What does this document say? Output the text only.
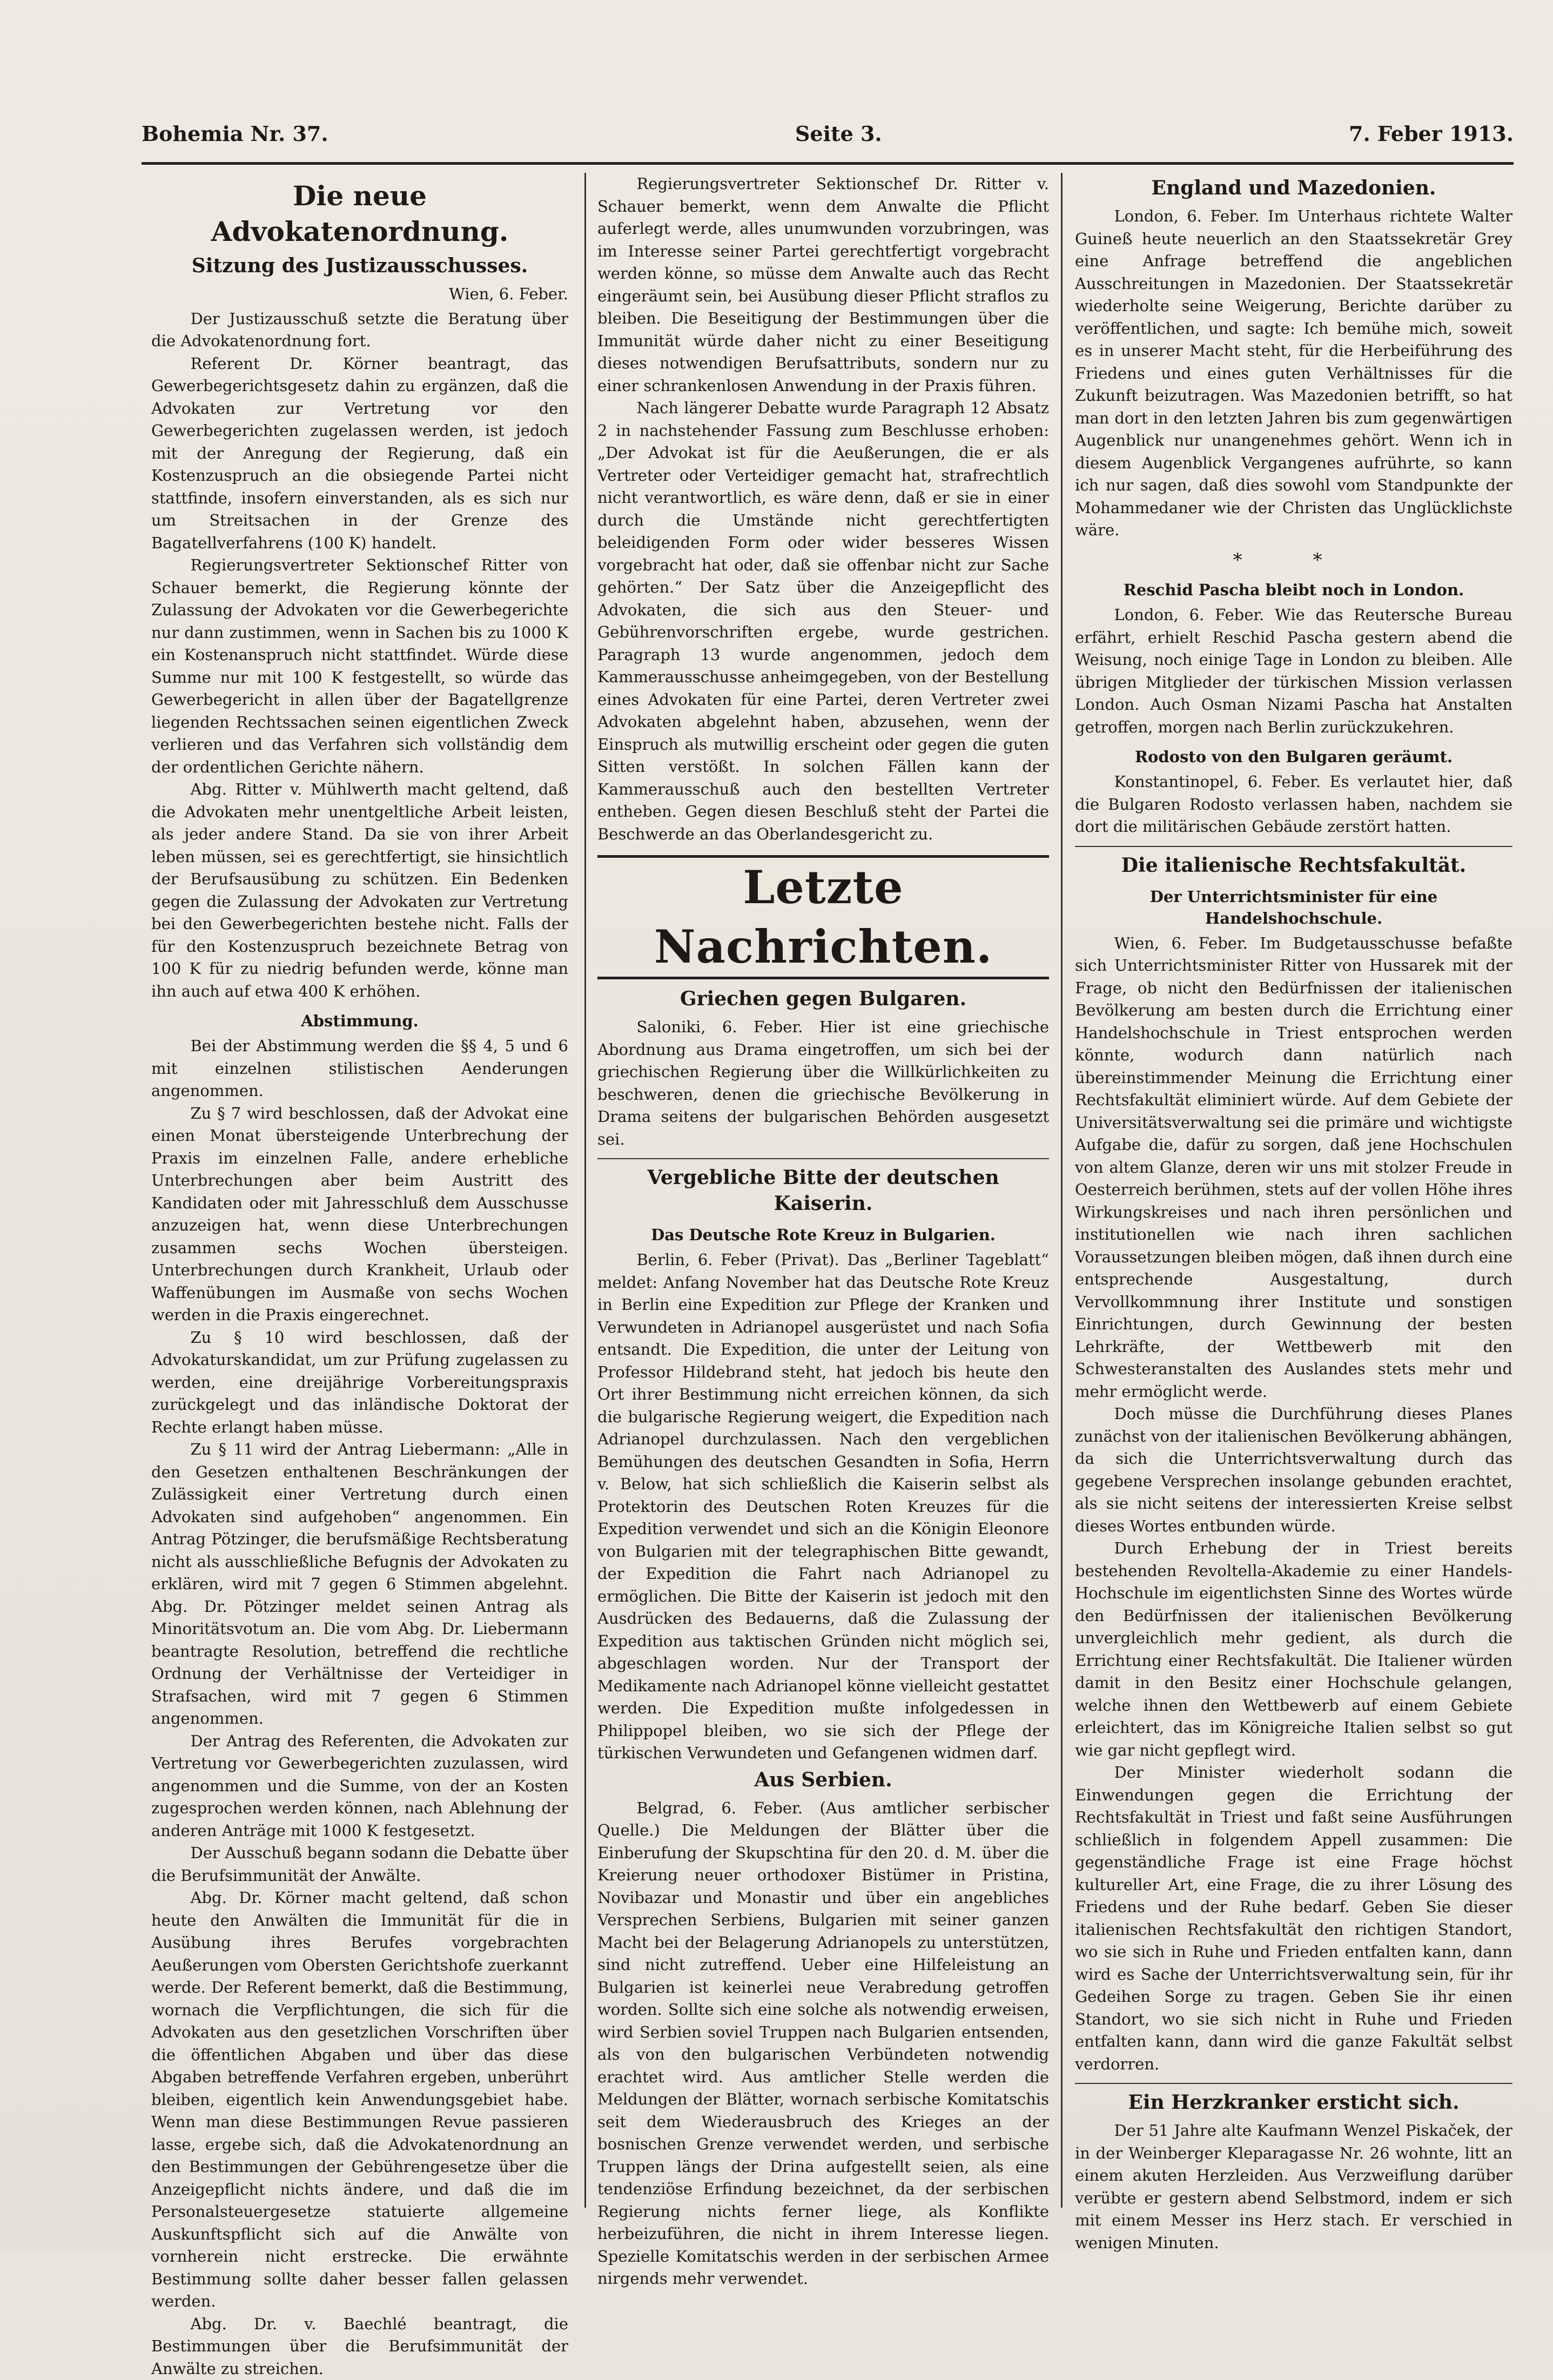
Bohemia Nr. 37.	Seite 3.	7. Feber 1913.
Die neue Advokatenordnung.
Sitzung des Justizausschusses.
Wien, 6. Feber.

Der Justizausschuß setzte die Beratung über die Advokatenordnung fort.

Referent Dr. Körner beantragt, das Gewerbegerichtsgesetz dahin zu ergänzen, daß die Advokaten zur Vertretung vor den Gewerbegerichten zugelassen werden, ist jedoch mit der Anregung der Regierung, daß ein Kostenzuspruch an die obsiegende Partei nicht stattfinde, insofern einverstanden, als es sich nur um Streitsachen in der Grenze des Bagatellverfahrens (100 K) handelt.

Regierungsvertreter Sektionschef Ritter von Schauer bemerkt, die Regierung könnte der Zulassung der Advokaten vor die Gewerbegerichte nur dann zustimmen, wenn in Sachen bis zu 1000 K ein Kostenanspruch nicht stattfindet. Würde diese Summe nur mit 100 K festgestellt, so würde das Gewerbegericht in allen über der Bagatellgrenze liegenden Rechtssachen seinen eigentlichen Zweck verlieren und das Verfahren sich vollständig dem der ordentlichen Gerichte nähern.

Abg. Ritter v. Mühlwerth macht geltend, daß die Advokaten mehr unentgeltliche Arbeit leisten, als jeder andere Stand. Da sie von ihrer Arbeit leben müssen, sei es gerechtfertigt, sie hinsichtlich der Berufsausübung zu schützen. Ein Bedenken gegen die Zulassung der Advokaten zur Vertretung bei den Gewerbegerichten bestehe nicht. Falls der für den Kostenzuspruch bezeichnete Betrag von 100 K für zu niedrig befunden werde, könne man ihn auch auf etwa 400 K erhöhen.

Abstimmung.

Bei der Abstimmung werden die §§ 4, 5 und 6 mit einzelnen stilistischen Aenderungen angenommen.

Zu § 7 wird beschlossen, daß der Advokat eine einen Monat übersteigende Unterbrechung der Praxis im einzelnen Falle, andere erhebliche Unterbrechungen aber beim Austritt des Kandidaten oder mit Jahresschluß dem Ausschusse anzuzeigen hat, wenn diese Unterbrechungen zusammen sechs Wochen übersteigen. Unterbrechungen durch Krankheit, Urlaub oder Waffenübungen im Ausmaße von sechs Wochen werden in die Praxis eingerechnet.

Zu § 10 wird beschlossen, daß der Advokaturskandidat, um zur Prüfung zugelassen zu werden, eine dreijährige Vorbereitungspraxis zurückgelegt und das inländische Doktorat der Rechte erlangt haben müsse.

Zu § 11 wird der Antrag Liebermann: „Alle in den Gesetzen enthaltenen Beschränkungen der Zulässigkeit einer Vertretung durch einen Advokaten sind aufgehoben“ angenommen. Ein Antrag Pötzinger, die berufsmäßige Rechtsberatung nicht als ausschließliche Befugnis der Advokaten zu erklären, wird mit 7 gegen 6 Stimmen abgelehnt. Abg. Dr. Pötzinger meldet seinen Antrag als Minoritätsvotum an. Die vom Abg. Dr. Liebermann beantragte Resolution, betreffend die rechtliche Ordnung der Verhältnisse der Verteidiger in Strafsachen, wird mit 7 gegen 6 Stimmen angenommen.

Der Antrag des Referenten, die Advokaten zur Vertretung vor Gewerbegerichten zuzulassen, wird angenommen und die Summe, von der an Kosten zugesprochen werden können, nach Ablehnung der anderen Anträge mit 1000 K festgesetzt.

Der Ausschuß begann sodann die Debatte über die Berufsimmunität der Anwälte.

Abg. Dr. Körner macht geltend, daß schon heute den Anwälten die Immunität für die in Ausübung ihres Berufes vorgebrachten Aeußerungen vom Obersten Gerichtshofe zuerkannt werde. Der Referent bemerkt, daß die Bestimmung, wornach die Verpflichtungen, die sich für die Advokaten aus den gesetzlichen Vorschriften über die öffentlichen Abgaben und über das diese Abgaben betreffende Verfahren ergeben, unberührt bleiben, eigentlich kein Anwendungsgebiet habe. Wenn man diese Bestimmungen Revue passieren lasse, ergebe sich, daß die Advokatenordnung an den Bestimmungen der Gebührengesetze über die Anzeigepflicht nichts ändere, und daß die im Personalsteuergesetze statuierte allgemeine Auskunftspflicht sich auf die Anwälte von vornherein nicht erstrecke. Die erwähnte Bestimmung sollte daher besser fallen gelassen werden.

Abg. Dr. v. Baechlé beantragt, die Bestimmungen über die Berufsimmunität der Anwälte zu streichen.

Regierungsvertreter Sektionschef Dr. Ritter v. Schauer bemerkt, wenn dem Anwalte die Pflicht auferlegt werde, alles unumwunden vorzubringen, was im Interesse seiner Partei gerechtfertigt vorgebracht werden könne, so müsse dem Anwalte auch das Recht eingeräumt sein, bei Ausübung dieser Pflicht straflos zu bleiben. Die Beseitigung der Bestimmungen über die Immunität würde daher nicht zu einer Beseitigung dieses notwendigen Berufsattributs, sondern nur zu einer schrankenlosen Anwendung in der Praxis führen.

Nach längerer Debatte wurde Paragraph 12 Absatz 2 in nachstehender Fassung zum Beschlusse erhoben: „Der Advokat ist für die Aeußerungen, die er als Vertreter oder Verteidiger gemacht hat, strafrechtlich nicht verantwortlich, es wäre denn, daß er sie in einer durch die Umstände nicht gerechtfertigten beleidigenden Form oder wider besseres Wissen vorgebracht hat oder, daß sie offenbar nicht zur Sache gehörten.“ Der Satz über die Anzeigepflicht des Advokaten, die sich aus den Steuer- und Gebührenvorschriften ergebe, wurde gestrichen. Paragraph 13 wurde angenommen, jedoch dem Kammerausschusse anheimgegeben, von der Bestellung eines Advokaten für eine Partei, deren Vertreter zwei Advokaten abgelehnt haben, abzusehen, wenn der Einspruch als mutwillig erscheint oder gegen die guten Sitten verstößt. In solchen Fällen kann der Kammerausschuß auch den bestellten Vertreter entheben. Gegen diesen Beschluß steht der Partei die Beschwerde an das Oberlandesgericht zu.

Letzte Nachrichten.
Griechen gegen Bulgaren.

Saloniki, 6. Feber. Hier ist eine griechische Abordnung aus Drama eingetroffen, um sich bei der griechischen Regierung über die Willkürlichkeiten zu beschweren, denen die griechische Bevölkerung in Drama seitens der bulgarischen Behörden ausgesetzt sei.

Vergebliche Bitte der deutschen Kaiserin.
Das Deutsche Rote Kreuz in Bulgarien.

Berlin, 6. Feber (Privat). Das „Berliner Tageblatt“ meldet: Anfang November hat das Deutsche Rote Kreuz in Berlin eine Expedition zur Pflege der Kranken und Verwundeten in Adrianopel ausgerüstet und nach Sofia entsandt. Die Expedition, die unter der Leitung von Professor Hildebrand steht, hat jedoch bis heute den Ort ihrer Bestimmung nicht erreichen können, da sich die bulgarische Regierung weigert, die Expedition nach Adrianopel durchzulassen. Nach den vergeblichen Bemühungen des deutschen Gesandten in Sofia, Herrn v. Below, hat sich schließlich die Kaiserin selbst als Protektorin des Deutschen Roten Kreuzes für die Expedition verwendet und sich an die Königin Eleonore von Bulgarien mit der telegraphischen Bitte gewandt, der Expedition die Fahrt nach Adrianopel zu ermöglichen. Die Bitte der Kaiserin ist jedoch mit den Ausdrücken des Bedauerns, daß die Zulassung der Expedition aus taktischen Gründen nicht möglich sei, abgeschlagen worden. Nur der Transport der Medikamente nach Adrianopel könne vielleicht gestattet werden. Die Expedition mußte infolgedessen in Philippopel bleiben, wo sie sich der Pflege der türkischen Verwundeten und Gefangenen widmen darf.

Aus Serbien.

Belgrad, 6. Feber. (Aus amtlicher serbischer Quelle.) Die Meldungen der Blätter über die Einberufung der Skupschtina für den 20. d. M. über die Kreierung neuer orthodoxer Bistümer in Pristina, Novibazar und Monastir und über ein angebliches Versprechen Serbiens, Bulgarien mit seiner ganzen Macht bei der Belagerung Adrianopels zu unterstützen, sind nicht zutreffend. Ueber eine Hilfeleistung an Bulgarien ist keinerlei neue Verabredung getroffen worden. Sollte sich eine solche als notwendig erweisen, wird Serbien soviel Truppen nach Bulgarien entsenden, als von den bulgarischen Verbündeten notwendig erachtet wird. Aus amtlicher Stelle werden die Meldungen der Blätter, wornach serbische Komitatschis seit dem Wiederausbruch des Krieges an der bosnischen Grenze verwendet werden, und serbische Truppen längs der Drina aufgestellt seien, als eine tendenziöse Erfindung bezeichnet, da der serbischen Regierung nichts ferner liege, als Konflikte herbeizuführen, die nicht in ihrem Interesse liegen. Spezielle Komitatschis werden in der serbischen Armee nirgends mehr verwendet.

England und Mazedonien.

London, 6. Feber. Im Unterhaus richtete Walter Guineß heute neuerlich an den Staatssekretär Grey eine Anfrage betreffend die angeblichen Ausschreitungen in Mazedonien. Der Staatssekretär wiederholte seine Weigerung, Berichte darüber zu veröffentlichen, und sagte: Ich bemühe mich, soweit es in unserer Macht steht, für die Herbeiführung des Friedens und eines guten Verhältnisses für die Zukunft beizutragen. Was Mazedonien betrifft, so hat man dort in den letzten Jahren bis zum gegenwärtigen Augenblick nur unangenehmes gehört. Wenn ich in diesem Augenblick Vergangenes aufrührte, so kann ich nur sagen, daß dies sowohl vom Standpunkte der Mohammedaner wie der Christen das Unglücklichste wäre.

* *
Reschid Pascha bleibt noch in London.

London, 6. Feber. Wie das Reutersche Bureau erfährt, erhielt Reschid Pascha gestern abend die Weisung, noch einige Tage in London zu bleiben. Alle übrigen Mitglieder der türkischen Mission verlassen London. Auch Osman Nizami Pascha hat Anstalten getroffen, morgen nach Berlin zurückzukehren.

Rodosto von den Bulgaren geräumt.

Konstantinopel, 6. Feber. Es verlautet hier, daß die Bulgaren Rodosto verlassen haben, nachdem sie dort die militärischen Gebäude zerstört hatten.

Die italienische Rechtsfakultät.
Der Unterrichtsminister für eine Handelshochschule.

Wien, 6. Feber. Im Budgetausschusse befaßte sich Unterrichtsminister Ritter von Hussarek mit der Frage, ob nicht den Bedürfnissen der italienischen Bevölkerung am besten durch die Errichtung einer Handelshochschule in Triest entsprochen werden könnte, wodurch dann natürlich nach übereinstimmender Meinung die Errichtung einer Rechtsfakultät eliminiert würde. Auf dem Gebiete der Universitätsverwaltung sei die primäre und wichtigste Aufgabe die, dafür zu sorgen, daß jene Hochschulen von altem Glanze, deren wir uns mit stolzer Freude in Oesterreich berühmen, stets auf der vollen Höhe ihres Wirkungskreises und nach ihren persönlichen und institutionellen wie nach ihren sachlichen Voraussetzungen bleiben mögen, daß ihnen durch eine entsprechende Ausgestaltung, durch Vervollkommnung ihrer Institute und sonstigen Einrichtungen, durch Gewinnung der besten Lehrkräfte, der Wettbewerb mit den Schwesteranstalten des Auslandes stets mehr und mehr ermöglicht werde.

Doch müsse die Durchführung dieses Planes zunächst von der italienischen Bevölkerung abhängen, da sich die Unterrichtsverwaltung durch das gegebene Versprechen insolange gebunden erachtet, als sie nicht seitens der interessierten Kreise selbst dieses Wortes entbunden würde.

Durch Erhebung der in Triest bereits bestehenden Revoltella-Akademie zu einer Handels-Hochschule im eigentlichsten Sinne des Wortes würde den Bedürfnissen der italienischen Bevölkerung unvergleichlich mehr gedient, als durch die Errichtung einer Rechtsfakultät. Die Italiener würden damit in den Besitz einer Hochschule gelangen, welche ihnen den Wettbewerb auf einem Gebiete erleichtert, das im Königreiche Italien selbst so gut wie gar nicht gepflegt wird.

Der Minister wiederholt sodann die Einwendungen gegen die Errichtung der Rechtsfakultät in Triest und faßt seine Ausführungen schließlich in folgendem Appell zusammen: Die gegenständliche Frage ist eine Frage höchst kultureller Art, eine Frage, die zu ihrer Lösung des Friedens und der Ruhe bedarf. Geben Sie dieser italienischen Rechtsfakultät den richtigen Standort, wo sie sich in Ruhe und Frieden entfalten kann, dann wird es Sache der Unterrichtsverwaltung sein, für ihr Gedeihen Sorge zu tragen. Geben Sie ihr einen Standort, wo sie sich nicht in Ruhe und Frieden entfalten kann, dann wird die ganze Fakultät selbst verdorren.

Ein Herzkranker ersticht sich.

Der 51 Jahre alte Kaufmann Wenzel Piskaček, der in der Weinberger Kleparagasse Nr. 26 wohnte, litt an einem akuten Herzleiden. Aus Verzweiflung darüber verübte er gestern abend Selbstmord, indem er sich mit einem Messer ins Herz stach. Er verschied in wenigen Minuten.
